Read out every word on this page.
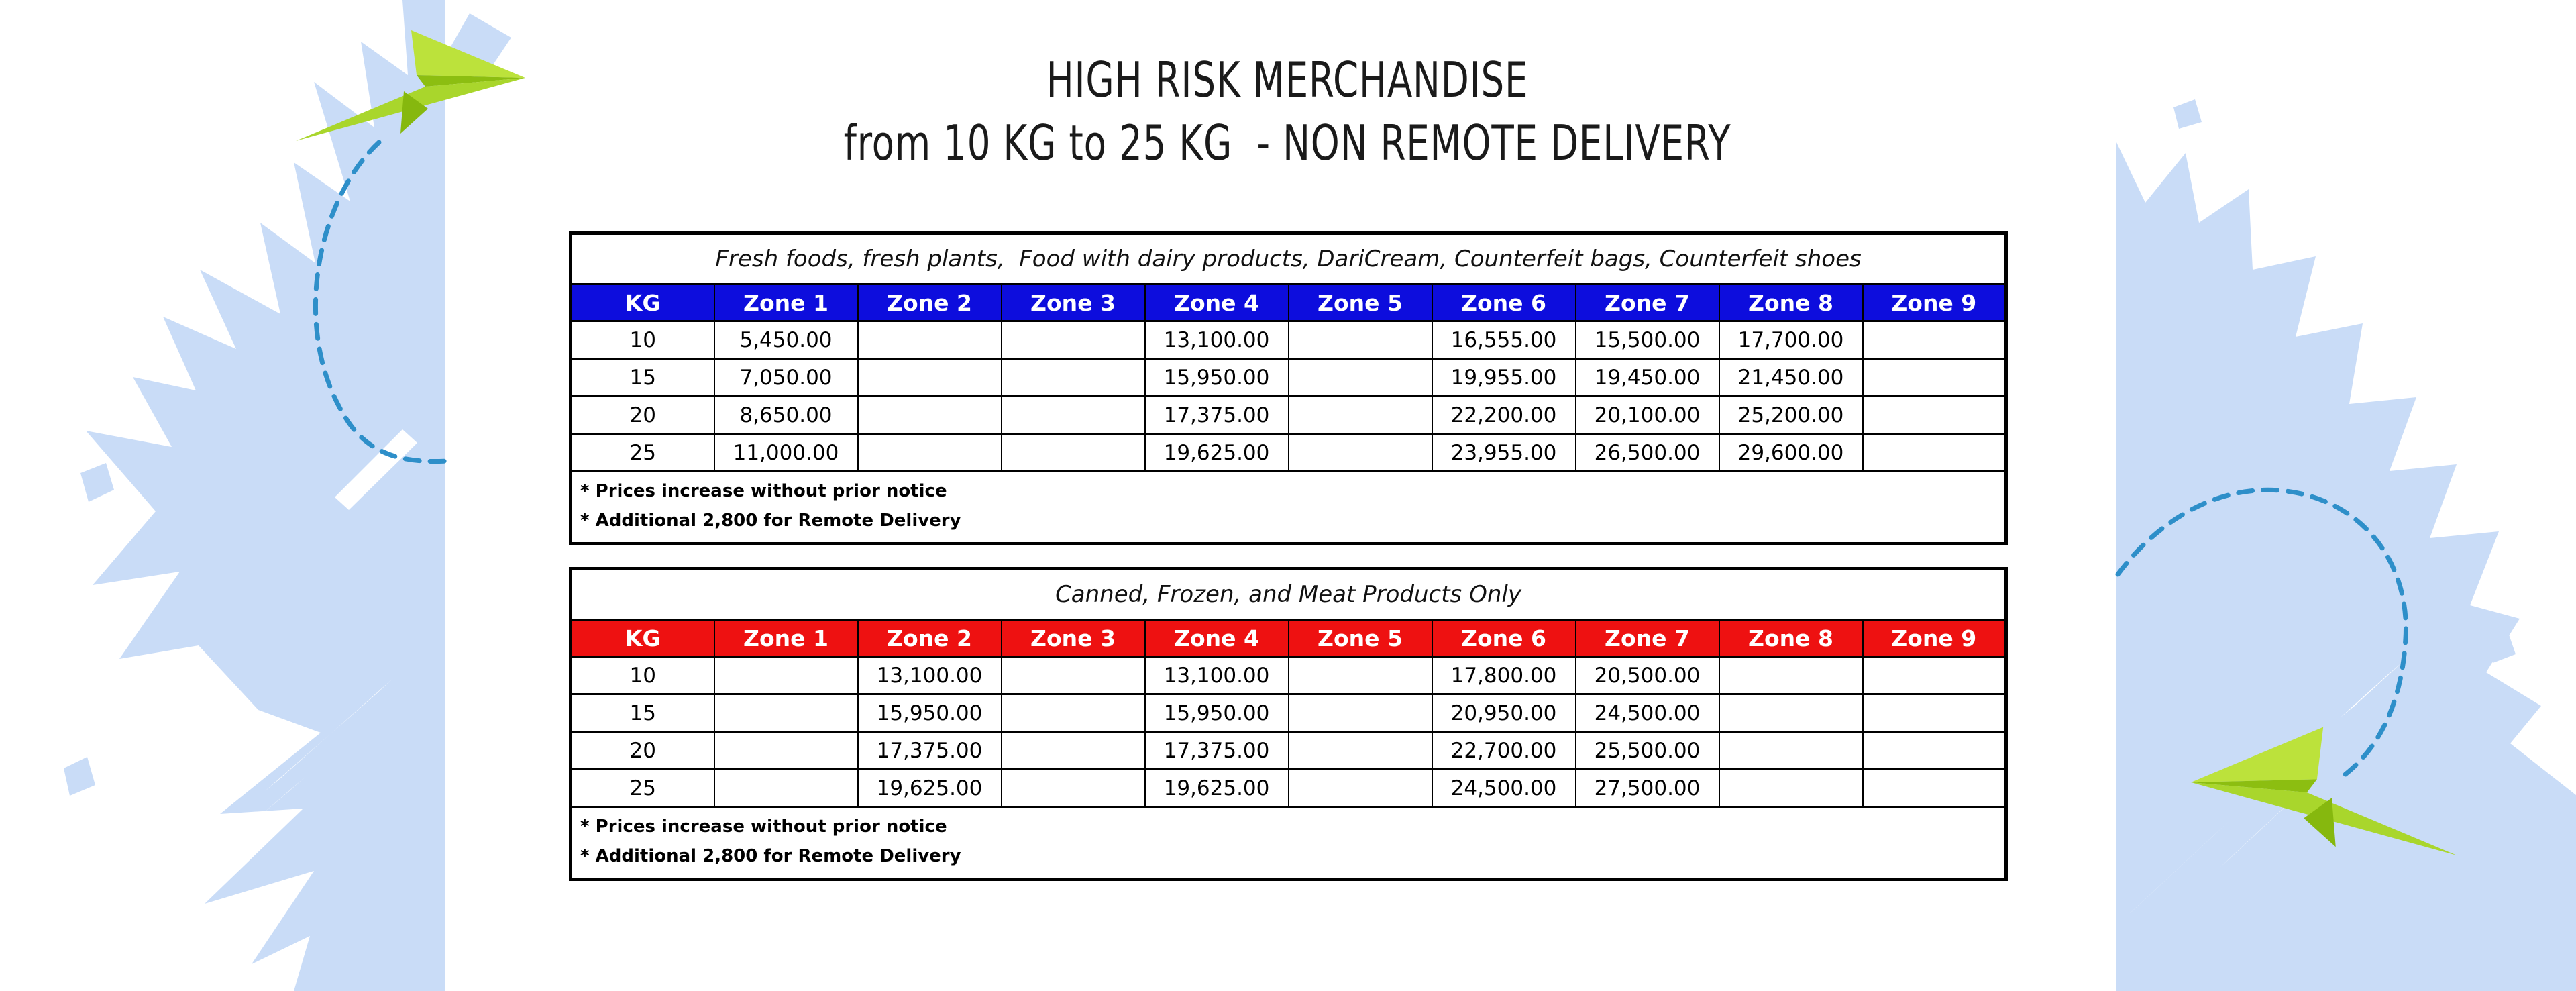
HIGH RISK MERCHANDISE
from 10 KG to 25 KG  - NON REMOTE DELIVERY
Fresh foods, fresh plants,  Food with dairy products, DariCream, Counterfeit bags, Counterfeit shoes									
KG	Zone 1	Zone 2	Zone 3	Zone 4	Zone 5	Zone 6	Zone 7	Zone 8	Zone 9
10	5,450.00			13,100.00		16,555.00	15,500.00	17,700.00	
15	7,050.00			15,950.00		19,955.00	19,450.00	21,450.00	
20	8,650.00			17,375.00		22,200.00	20,100.00	25,200.00	
25	11,000.00			19,625.00		23,955.00	26,500.00	29,600.00	

* Prices increase without prior notice
* Additional 2,800 for Remote Delivery									
Canned, Frozen, and Meat Products Only									
KG	Zone 1	Zone 2	Zone 3	Zone 4	Zone 5	Zone 6	Zone 7	Zone 8	Zone 9
10		13,100.00		13,100.00		17,800.00	20,500.00		
15		15,950.00		15,950.00		20,950.00	24,500.00		
20		17,375.00		17,375.00		22,700.00	25,500.00		
25		19,625.00		19,625.00		24,500.00	27,500.00		

* Prices increase without prior notice
* Additional 2,800 for Remote Delivery									
